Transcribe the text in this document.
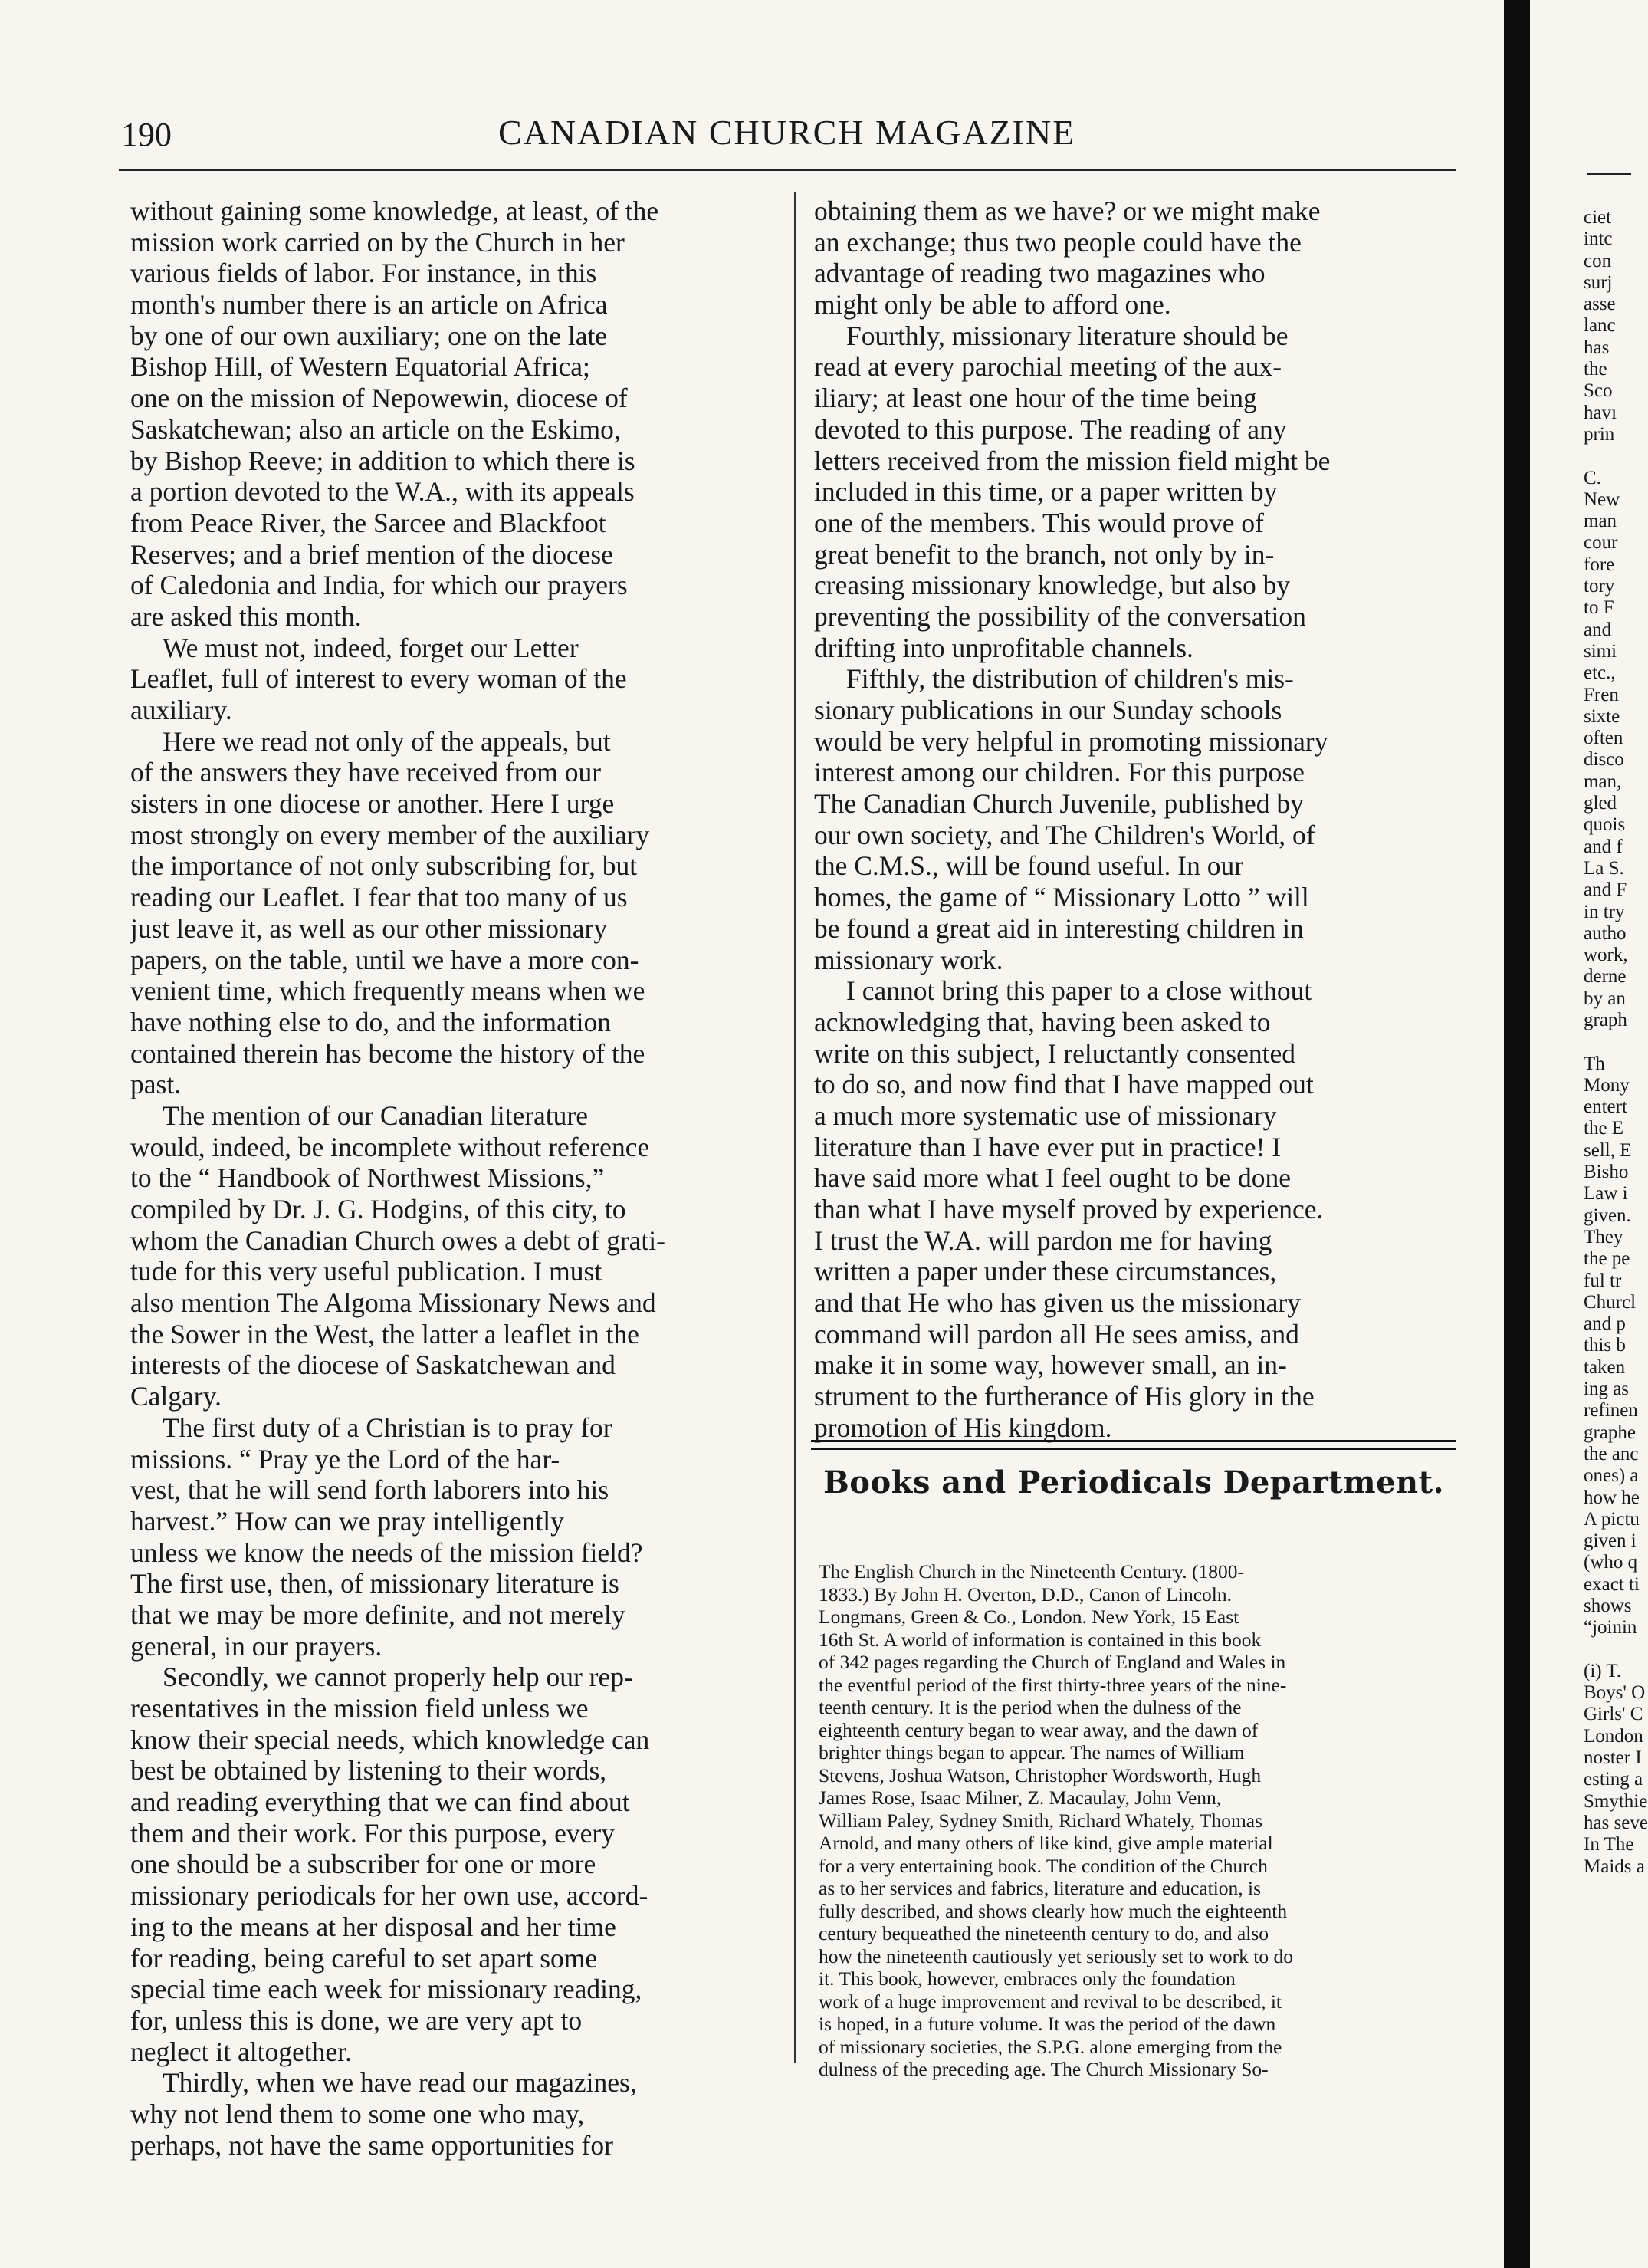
190	CANADIAN CHURCH MAGAZINE
without gaining some knowledge, at least, of the
mission work carried on by the Church in her
various fields of labor. For instance, in this
month's number there is an article on Africa
by one of our own auxiliary; one on the late
Bishop Hill, of Western Equatorial Africa;
one on the mission of Nepowewin, diocese of
Saskatchewan; also an article on the Eskimo,
by Bishop Reeve; in addition to which there is
a portion devoted to the W.A., with its appeals
from Peace River, the Sarcee and Blackfoot
Reserves; and a brief mention of the diocese
of Caledonia and India, for which our prayers
are asked this month.
We must not, indeed, forget our Letter
Leaflet, full of interest to every woman of the
auxiliary.
Here we read not only of the appeals, but
of the answers they have received from our
sisters in one diocese or another. Here I urge
most strongly on every member of the auxiliary
the importance of not only subscribing for, but
reading our Leaflet. I fear that too many of us
just leave it, as well as our other missionary
papers, on the table, until we have a more con-
venient time, which frequently means when we
have nothing else to do, and the information
contained therein has become the history of the
past.
The mention of our Canadian literature
would, indeed, be incomplete without reference
to the “ Handbook of Northwest Missions,”
compiled by Dr. J. G. Hodgins, of this city, to
whom the Canadian Church owes a debt of grati-
tude for this very useful publication. I must
also mention The Algoma Missionary News and
the Sower in the West, the latter a leaflet in the
interests of the diocese of Saskatchewan and
Calgary.
The first duty of a Christian is to pray for
missions. “ Pray ye the Lord of the har-
vest, that he will send forth laborers into his
harvest.” How can we pray intelligently
unless we know the needs of the mission field?
The first use, then, of missionary literature is
that we may be more definite, and not merely
general, in our prayers.
Secondly, we cannot properly help our rep-
resentatives in the mission field unless we
know their special needs, which knowledge can
best be obtained by listening to their words,
and reading everything that we can find about
them and their work. For this purpose, every
one should be a subscriber for one or more
missionary periodicals for her own use, accord-
ing to the means at her disposal and her time
for reading, being careful to set apart some
special time each week for missionary reading,
for, unless this is done, we are very apt to
neglect it altogether.
Thirdly, when we have read our magazines,
why not lend them to some one who may,
perhaps, not have the same opportunities for
obtaining them as we have? or we might make
an exchange; thus two people could have the
advantage of reading two magazines who
might only be able to afford one.
Fourthly, missionary literature should be
read at every parochial meeting of the aux-
iliary; at least one hour of the time being
devoted to this purpose. The reading of any
letters received from the mission field might be
included in this time, or a paper written by
one of the members. This would prove of
great benefit to the branch, not only by in-
creasing missionary knowledge, but also by
preventing the possibility of the conversation
drifting into unprofitable channels.
Fifthly, the distribution of children's mis-
sionary publications in our Sunday schools
would be very helpful in promoting missionary
interest among our children. For this purpose
The Canadian Church Juvenile, published by
our own society, and The Children's World, of
the C.M.S., will be found useful. In our
homes, the game of “ Missionary Lotto ” will
be found a great aid in interesting children in
missionary work.
I cannot bring this paper to a close without
acknowledging that, having been asked to
write on this subject, I reluctantly consented
to do so, and now find that I have mapped out
a much more systematic use of missionary
literature than I have ever put in practice! I
have said more what I feel ought to be done
than what I have myself proved by experience.
I trust the W.A. will pardon me for having
written a paper under these circumstances,
and that He who has given us the missionary
command will pardon all He sees amiss, and
make it in some way, however small, an in-
strument to the furtherance of His glory in the
promotion of His kingdom.
Books and Periodicals Department.
The English Church in the Nineteenth Century. (1800-
1833.) By John H. Overton, D.D., Canon of Lincoln.
Longmans, Green & Co., London. New York, 15 East
16th St. A world of information is contained in this book
of 342 pages regarding the Church of England and Wales in
the eventful period of the first thirty-three years of the nine-
teenth century. It is the period when the dulness of the
eighteenth century began to wear away, and the dawn of
brighter things began to appear. The names of William
Stevens, Joshua Watson, Christopher Wordsworth, Hugh
James Rose, Isaac Milner, Z. Macaulay, John Venn,
William Paley, Sydney Smith, Richard Whately, Thomas
Arnold, and many others of like kind, give ample material
for a very entertaining book. The condition of the Church
as to her services and fabrics, literature and education, is
fully described, and shows clearly how much the eighteenth
century bequeathed the nineteenth century to do, and also
how the nineteenth cautiously yet seriously set to work to do
it. This book, however, embraces only the foundation
work of a huge improvement and revival to be described, it
is hoped, in a future volume. It was the period of the dawn
of missionary societies, the S.P.G. alone emerging from the
dulness of the preceding age. The Church Missionary So-
ciet
intc
con
surj
asse
lanc
has
the
Sco
havı
prin
C.
New
man
cour
fore
tory
to F
and
simi
etc.,
Fren
sixte
often
disco
man,
gled
quois
and f
La S.
and F
in try
autho
work,
derne
by an
graph
Th
Mony
entert
the E
sell, E
Bisho
Law i
given.
They
the pe
ful tr
Churcl
and p
this b
taken
ing as
refinen
graphe
the anc
ones) a
how he
A pictu
given i
(who q
exact ti
shows
“joinin
(i) T.
Boys' O
Girls' C
London
noster I
esting a
Smythie
has seve
In The
Maids a
